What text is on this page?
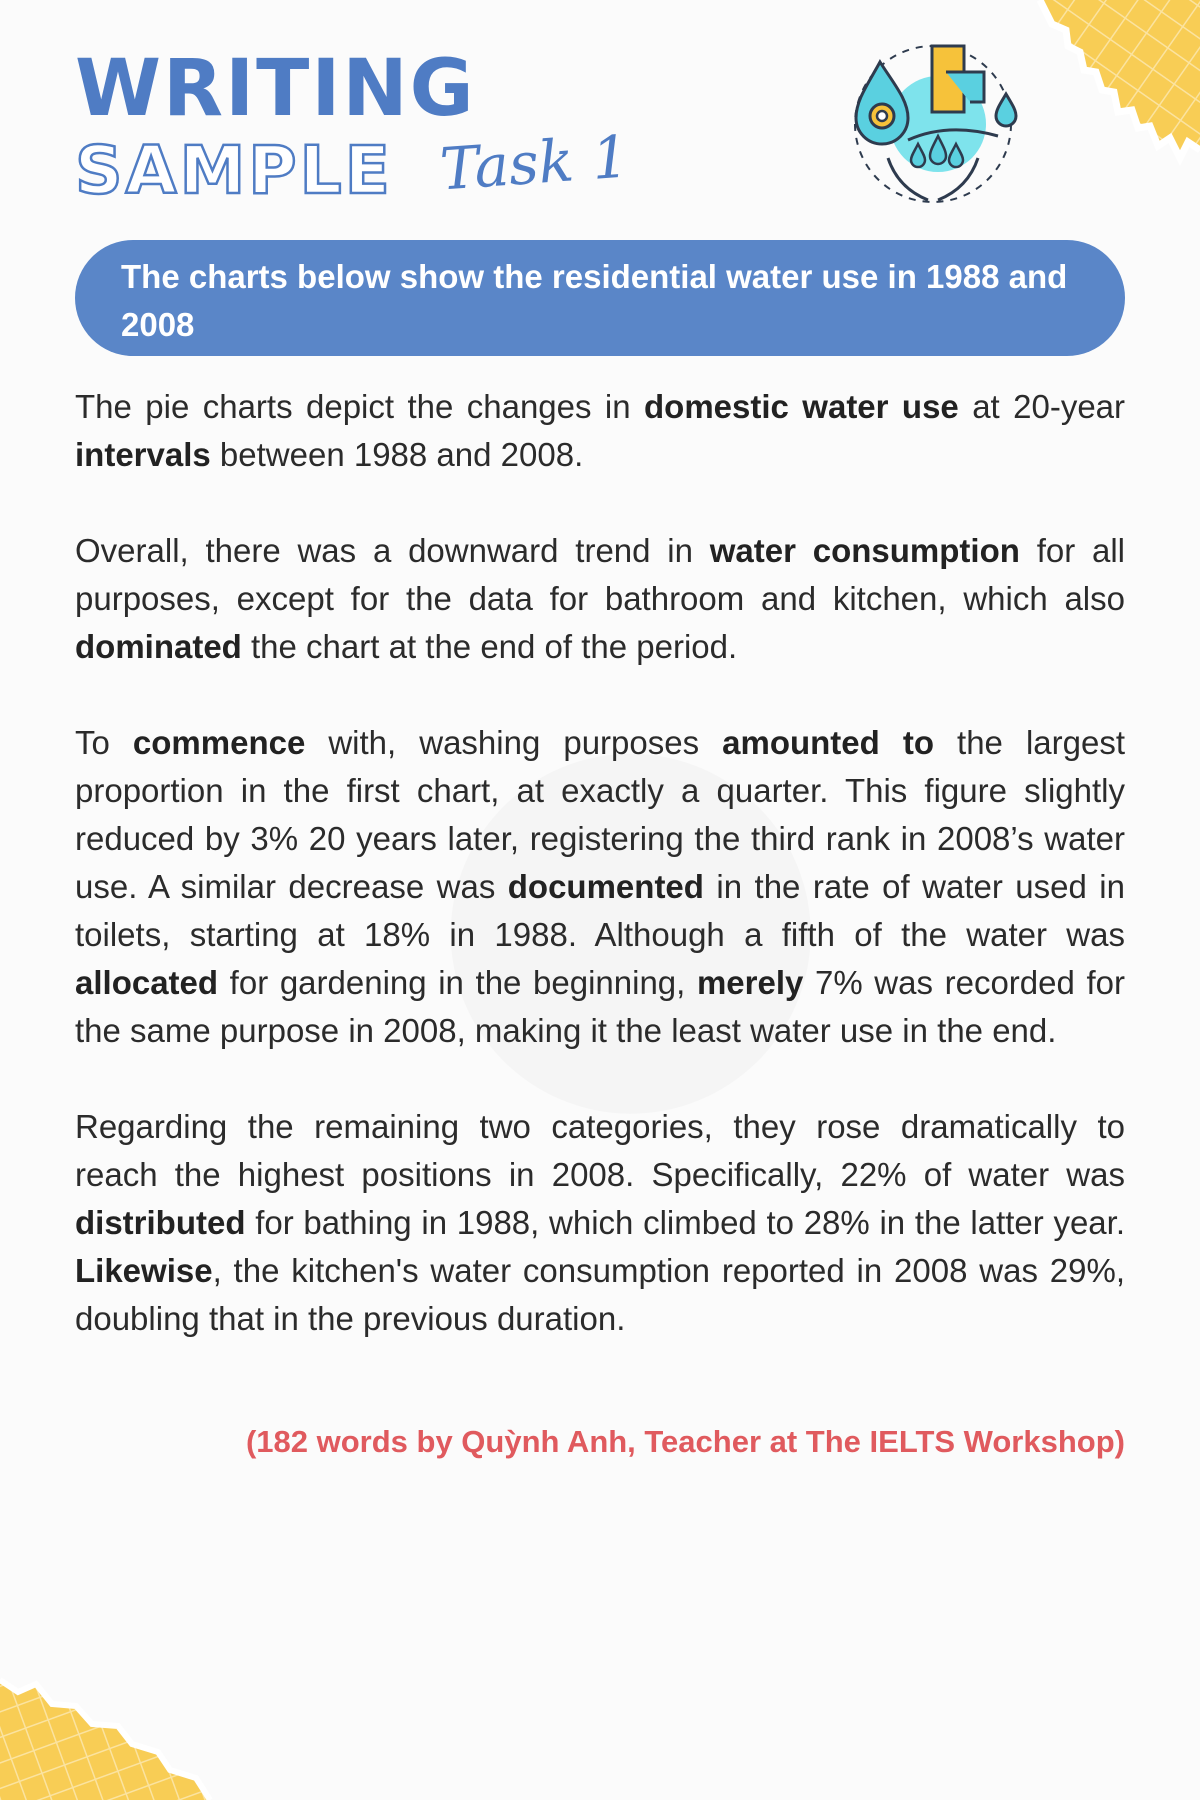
WRITING
SAMPLE Task 1
The charts below show the residential water use in 1988 and 2008

The pie charts depict the changes in domestic water use at 20-year intervals between 1988 and 2008.

Overall, there was a downward trend in water consumption for all purposes, except for the data for bathroom and kitchen, which also dominated the chart at the end of the period.

To commence with, washing purposes amounted to the largest proportion in the first chart, at exactly a quarter. This figure slightly reduced by 3% 20 years later, registering the third rank in 2008’s water use. A similar decrease was documented in the rate of water used in toilets, starting at 18% in 1988. Although a fifth of the water was allocated for gardening in the beginning, merely 7% was recorded for the same purpose in 2008, making it the least water use in the end.

Regarding the remaining two categories, they rose dramatically to reach the highest positions in 2008. Specifically, 22% of water was distributed for bathing in 1988, which climbed to 28% in the latter year. Likewise, the kitchen's water consumption reported in 2008 was 29%, doubling that in the previous duration.

(182 words by Quỳnh Anh, Teacher at The IELTS Workshop)
